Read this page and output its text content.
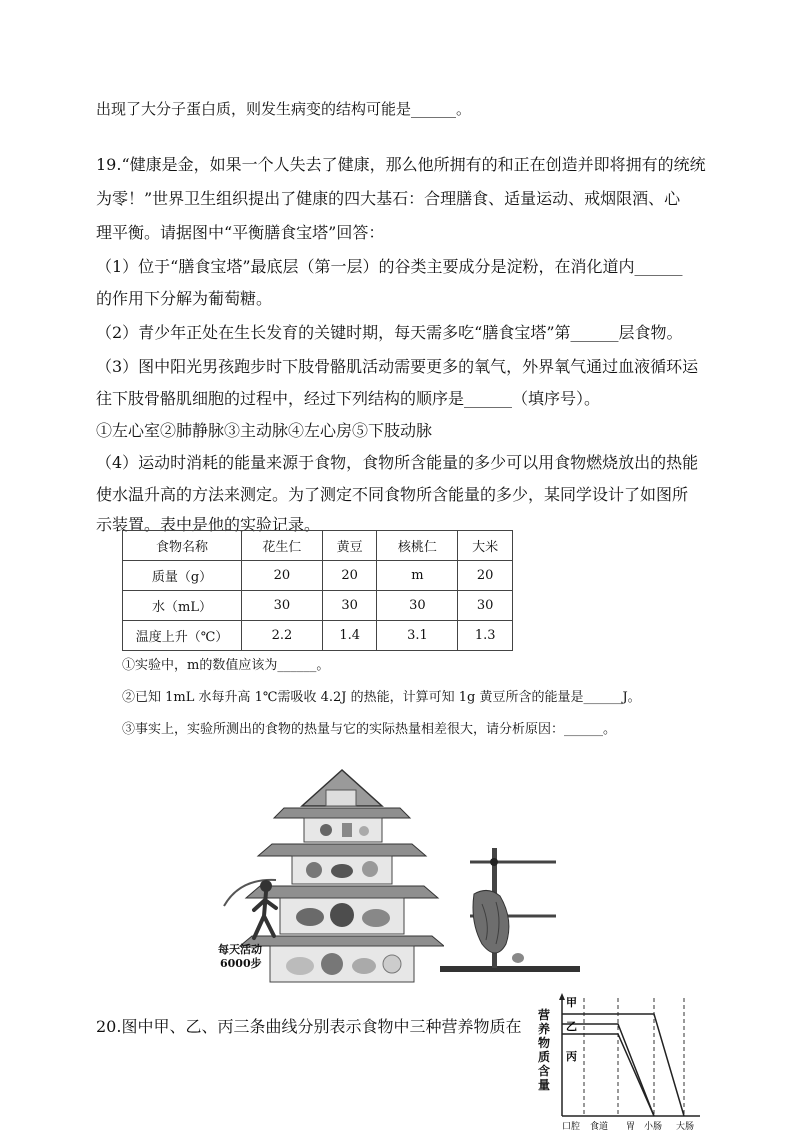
出现了大分子蛋白质，则发生病变的结构可能是______。
19.“健康是金，如果一个人失去了健康，那么他所拥有的和正在创造并即将拥有的统统
为零！”世界卫生组织提出了健康的四大基石：合理膳食、适量运动、戒烟限酒、心
理平衡。请据图中“平衡膳食宝塔”回答：
（1）位于“膳食宝塔”最底层（第一层）的谷类主要成分是淀粉，在消化道内______
的作用下分解为葡萄糖。
（2）青少年正处在生长发育的关键时期，每天需多吃“膳食宝塔”第______层食物。
（3）图中阳光男孩跑步时下肢骨骼肌活动需要更多的氧气，外界氧气通过血液循环运
往下肢骨骼肌细胞的过程中，经过下列结构的顺序是______（填序号）。
①左心室②肺静脉③主动脉④左心房⑤下肢动脉
（4）运动时消耗的能量来源于食物，食物所含能量的多少可以用食物燃烧放出的热能
使水温升高的方法来测定。为了测定不同食物所含能量的多少，某同学设计了如图所
示装置。表中是他的实验记录。
食物名称	花生仁	黄豆	核桃仁	大米
质量（g）	20	20	m	20
水（mL）	30	30	30	30
温度上升（℃）	2.2	1.4	3.1	1.3
①实验中，m的数值应该为______。
②已知 1mL 水每升高 1℃需吸收 4.2J 的热能，计算可知 1g 黄豆所含的能量是______J。
③事实上，实验所测出的食物的热量与它的实际热量相差很大，请分析原因：______。
每天活动
6000步
20.图中甲、乙、丙三条曲线分别表示食物中三种营养物质在
甲
乙
丙
口腔 食道 胃 小肠 大肠
营养物质含量
